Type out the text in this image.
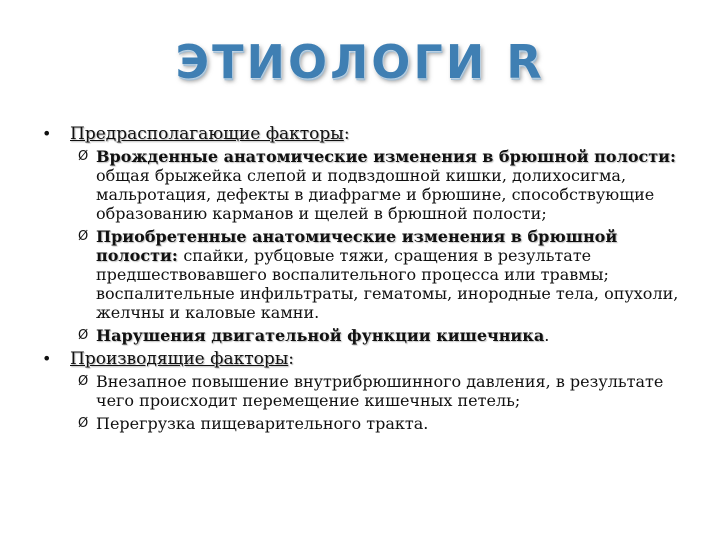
ЭТИОЛОГИ R
• Предрасполагающие факторы:
Ø Врожденные анатомические изменения в брюшной полости: общая брыжейка слепой и подвздошной кишки, долихосигма, мальротация, дефекты в диафрагме и брюшине, способствующие образованию карманов и щелей в брюшной полости;
Ø Приобретенные анатомические изменения в брюшной полости: спайки, рубцовые тяжи, сращения в результате предшествовавшего воспалительного процесса или травмы; воспалительные инфильтраты, гематомы, инородные тела, опухоли, желчны и каловые камни.
Ø Нарушения двигательной функции кишечника.
• Производящие факторы:
Ø Внезапное повышение внутрибрюшинного давления, в результате чего происходит перемещение кишечных петель;
Ø Перегрузка пищеварительного тракта.
